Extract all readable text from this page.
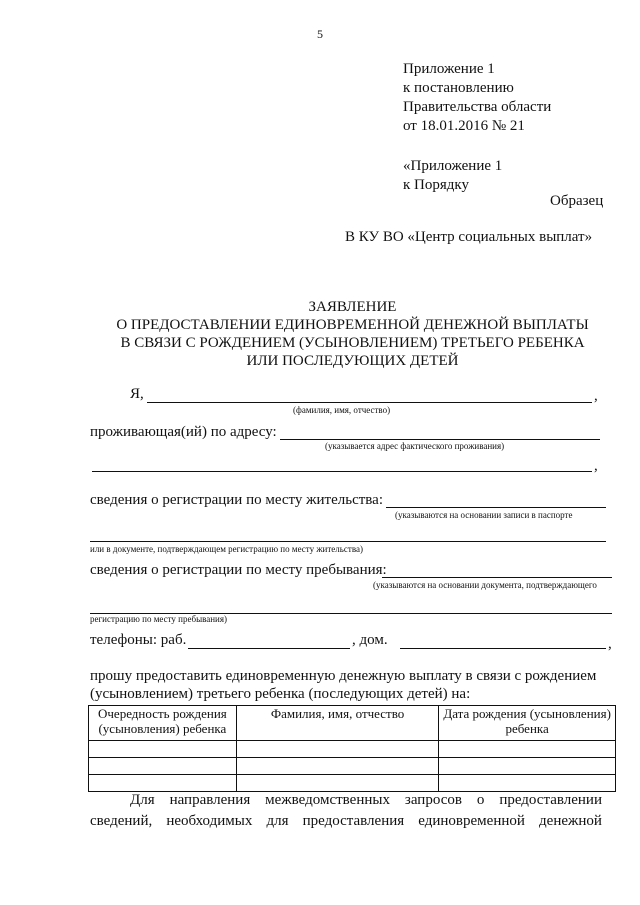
5
Приложение 1
к постановлению
Правительства области
от 18.01.2016 № 21
«Приложение 1
к Порядку
Образец
В КУ ВО «Центр социальных выплат»
ЗАЯВЛЕНИЕ
О ПРЕДОСТАВЛЕНИИ ЕДИНОВРЕМЕННОЙ ДЕНЕЖНОЙ ВЫПЛАТЫ
В СВЯЗИ С РОЖДЕНИЕМ (УСЫНОВЛЕНИЕМ) ТРЕТЬЕГО РЕБЕНКА
ИЛИ ПОСЛЕДУЮЩИХ ДЕТЕЙ
Я,	,
(фамилия, имя, отчество)
проживающая(ий) по адресу:
(указывается адрес фактического проживания)
,
сведения о регистрации по месту жительства:
(указываются на основании записи в паспорте
или в документе, подтверждающем регистрацию по месту жительства)
сведения о регистрации по месту пребывания:
(указываются на основании документа, подтверждающего
регистрацию по месту пребывания)
телефоны: раб.	, дом.	,
прошу предоставить единовременную денежную выплату в связи с рождением
(усыновлением) третьего ребенка (последующих детей) на:
Очередность рождения (усыновления) ребенка	Фамилия, имя, отчество	Дата рождения (усыновления) ребенка

Для направления межведомственных запросов о предоставлении
сведений, необходимых для предоставления единовременной денежной
